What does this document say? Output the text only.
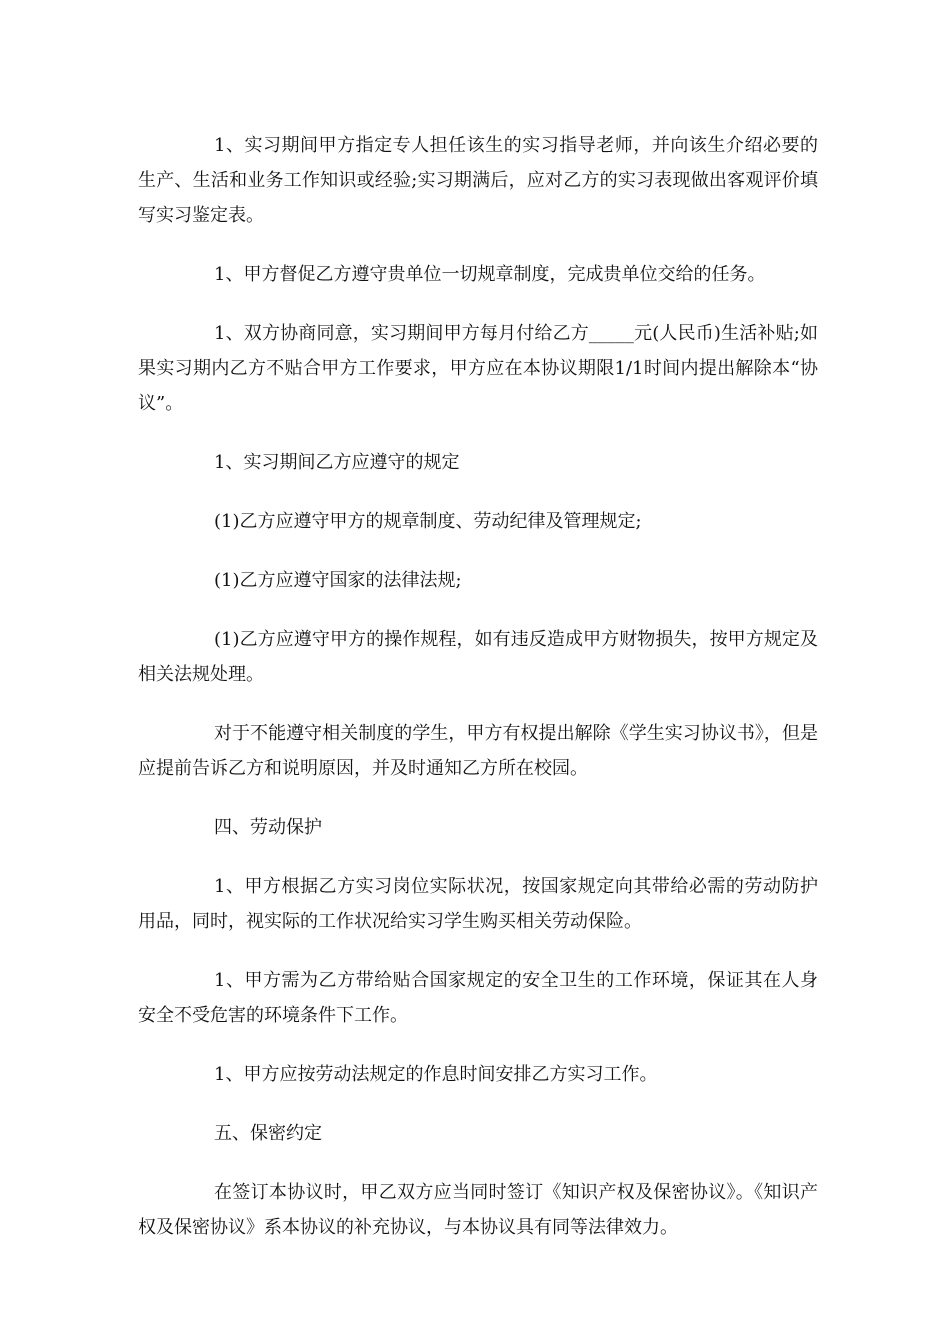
1、实习期间甲方指定专人担任该生的实习指导老师，并向该生介绍必要的生产、生活和业务工作知识或经验;实习期满后，应对乙方的实习表现做出客观评价填写实习鉴定表。

1、甲方督促乙方遵守贵单位一切规章制度，完成贵单位交给的任务。

1、双方协商同意，实习期间甲方每月付给乙方_____元(人民币)生活补贴;如果实习期内乙方不贴合甲方工作要求，甲方应在本协议期限1/1时间内提出解除本“协议”。

1、实习期间乙方应遵守的规定

(1)乙方应遵守甲方的规章制度、劳动纪律及管理规定;

(1)乙方应遵守国家的法律法规;

(1)乙方应遵守甲方的操作规程，如有违反造成甲方财物损失，按甲方规定及相关法规处理。

对于不能遵守相关制度的学生，甲方有权提出解除《学生实习协议书》，但是应提前告诉乙方和说明原因，并及时通知乙方所在校园。

四、劳动保护

1、甲方根据乙方实习岗位实际状况，按国家规定向其带给必需的劳动防护用品，同时，视实际的工作状况给实习学生购买相关劳动保险。

1、甲方需为乙方带给贴合国家规定的安全卫生的工作环境，保证其在人身安全不受危害的环境条件下工作。

1、甲方应按劳动法规定的作息时间安排乙方实习工作。

五、保密约定

在签订本协议时，甲乙双方应当同时签订《知识产权及保密协议》。《知识产权及保密协议》系本协议的补充协议，与本协议具有同等法律效力。
